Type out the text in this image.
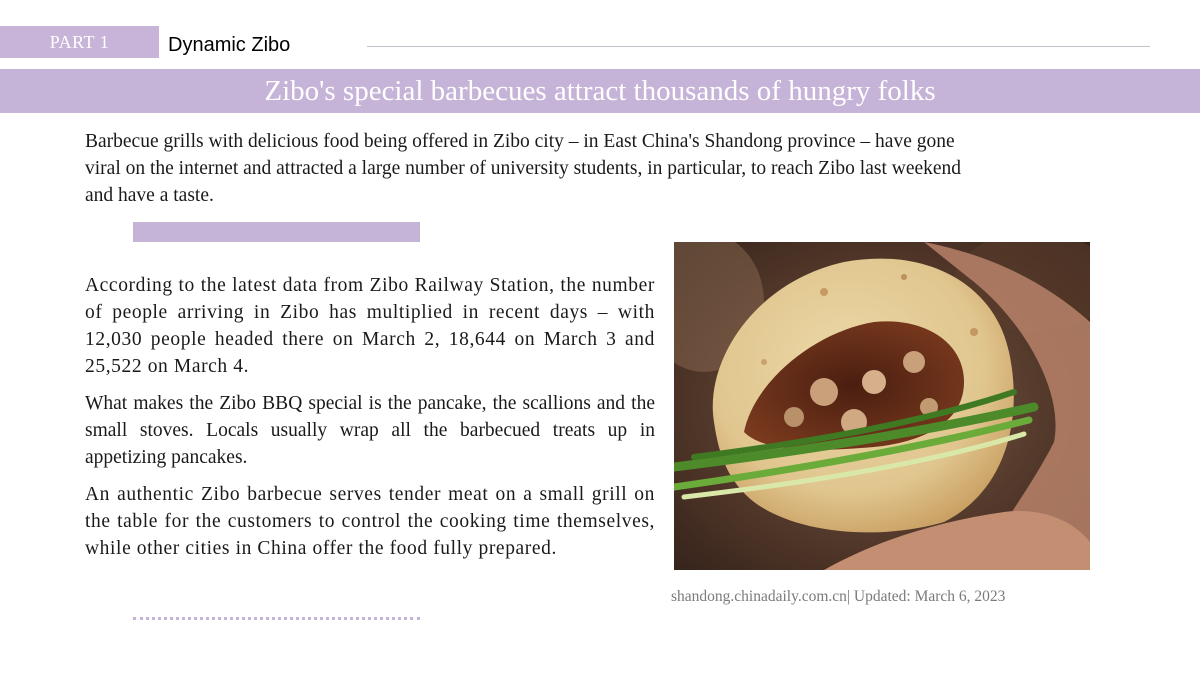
PART 1	Dynamic Zibo
Zibo's special barbecues attract thousands of hungry folks

Barbecue grills with delicious food being offered in Zibo city – in East China's Shandong province – have gone viral on the internet and attracted a large number of university students, in particular, to reach Zibo last weekend and have a taste.

According to the latest data from Zibo Railway Station, the number of people arriving in Zibo has multiplied in recent days – with 12,030 people headed there on March 2, 18,644 on March 3 and 25,522 on March 4.

What makes the Zibo BBQ special is the pancake, the scallions and the small stoves. Locals usually wrap all the barbecued treats up in appetizing pancakes.

An authentic Zibo barbecue serves tender meat on a small grill on the table for the customers to control the cooking time themselves, while other cities in China offer the food fully prepared.

shandong.chinadaily.com.cn| Updated: March 6, 2023
